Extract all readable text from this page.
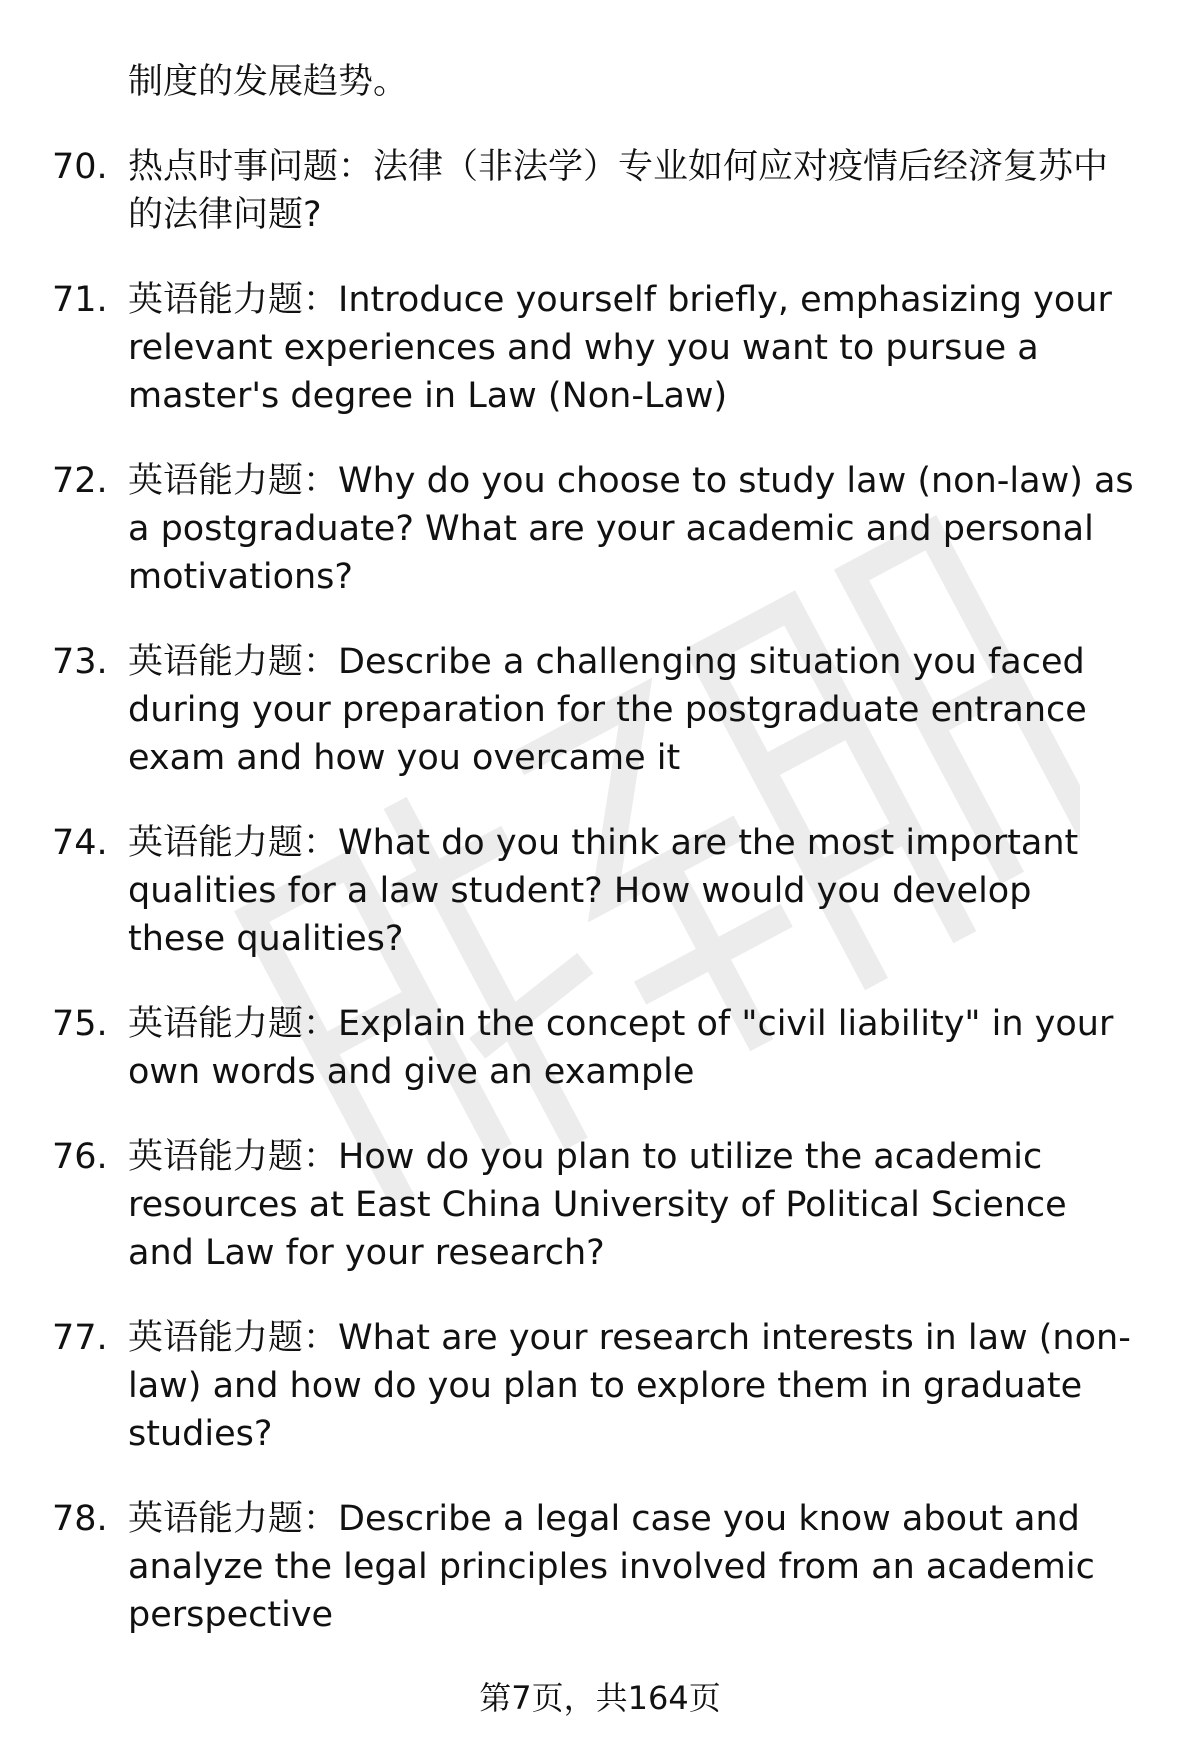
制度的发展趋势。
70. 热点时事问题：法律（非法学）专业如何应对疫情后经济复苏中的法律问题?
71. 英语能力题：Introduce yourself briefly, emphasizing your relevant experiences and why you want to pursue a master's degree in Law (Non-Law)
72. 英语能力题：Why do you choose to study law (non-law) as a postgraduate? What are your academic and personal motivations?
73. 英语能力题：Describe a challenging situation you faced during your preparation for the postgraduate entrance exam and how you overcame it
74. 英语能力题：What do you think are the most important qualities for a law student? How would you develop these qualities?
75. 英语能力题：Explain the concept of "civil liability" in your own words and give an example
76. 英语能力题：How do you plan to utilize the academic resources at East China University of Political Science and Law for your research?
77. 英语能力题：What are your research interests in law (non-law) and how do you plan to explore them in graduate studies?
78. 英语能力题：Describe a legal case you know about and analyze the legal principles involved from an academic perspective
第7页，共164页
